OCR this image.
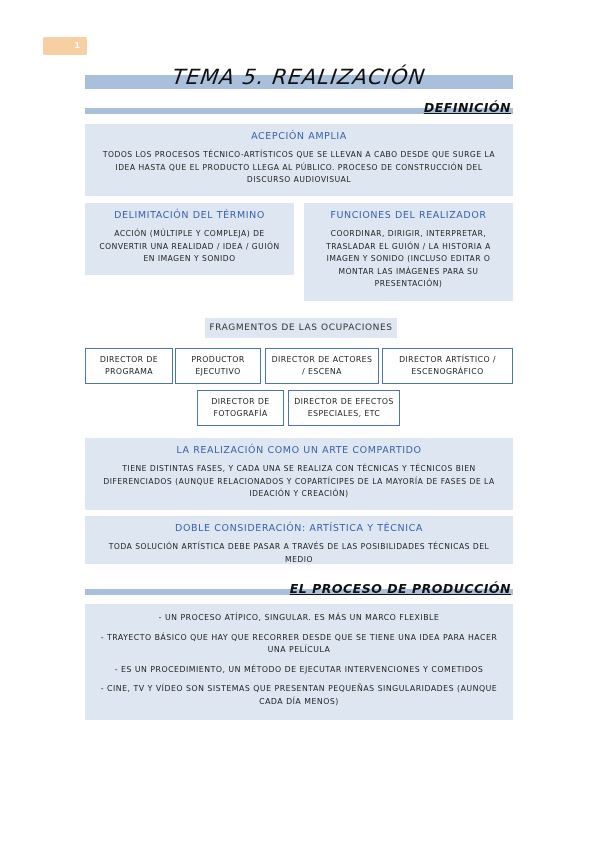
1
TEMA 5. REALIZACIÓN
DEFINICIÓN
ACEPCIÓN AMPLIA
TODOS LOS PROCESOS TÉCNICO-ARTÍSTICOS QUE SE LLEVAN A CABO DESDE QUE SURGE LA IDEA HASTA QUE EL PRODUCTO LLEGA AL PÚBLICO. PROCESO DE CONSTRUCCIÓN DEL DISCURSO AUDIOVISUAL
DELIMITACIÓN DEL TÉRMINO
ACCIÓN (MÚLTIPLE Y COMPLEJA) DE CONVERTIR UNA REALIDAD / IDEA / GUIÓN EN IMAGEN Y SONIDO
FUNCIONES DEL REALIZADOR
COORDINAR, DIRIGIR, INTERPRETAR, TRASLADAR EL GUIÓN / LA HISTORIA A IMAGEN Y SONIDO (INCLUSO EDITAR O MONTAR LAS IMÁGENES PARA SU PRESENTACIÓN)
FRAGMENTOS DE LAS OCUPACIONES
DIRECTOR DE PROGRAMA
PRODUCTOR EJECUTIVO
DIRECTOR DE ACTORES / ESCENA
DIRECTOR ARTÍSTICO / ESCENOGRÁFICO
DIRECTOR DE FOTOGRAFÍA
DIRECTOR DE EFECTOS ESPECIALES, ETC
LA REALIZACIÓN COMO UN ARTE COMPARTIDO
TIENE DISTINTAS FASES, Y CADA UNA SE REALIZA CON TÉCNICAS Y TÉCNICOS BIEN DIFERENCIADOS (AUNQUE RELACIONADOS Y COPARTÍCIPES DE LA MAYORÍA DE FASES DE LA IDEACIÓN Y CREACIÓN)
DOBLE CONSIDERACIÓN: ARTÍSTICA Y TÉCNICA
TODA SOLUCIÓN ARTÍSTICA DEBE PASAR A TRAVÉS DE LAS POSIBILIDADES TÉCNICAS DEL MEDIO
EL PROCESO DE PRODUCCIÓN
- UN PROCESO ATÍPICO, SINGULAR. ES MÁS UN MARCO FLEXIBLE
- TRAYECTO BÁSICO QUE HAY QUE RECORRER DESDE QUE SE TIENE UNA IDEA PARA HACER UNA PELÍCULA
- ES UN PROCEDIMIENTO, UN MÉTODO DE EJECUTAR INTERVENCIONES Y COMETIDOS
- CINE, TV Y VÍDEO SON SISTEMAS QUE PRESENTAN PEQUEÑAS SINGULARIDADES (AUNQUE CADA DÍA MENOS)
